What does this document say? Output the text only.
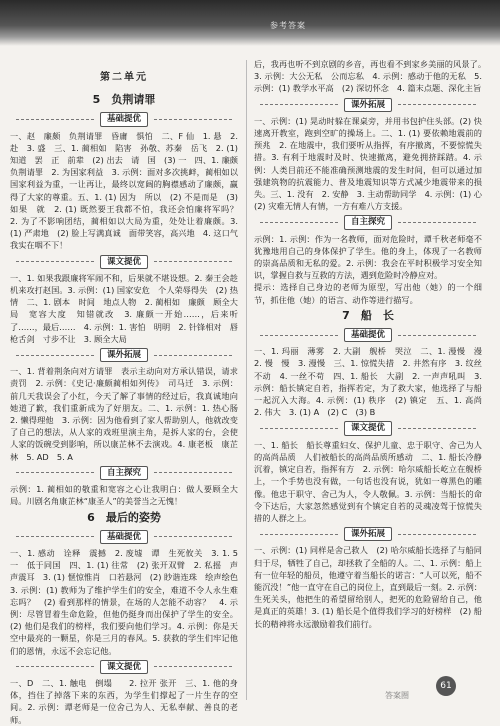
参考答案
第二单元
5　负荆请罪
基础提优

一、赵　廉颇　负荆请罪　昏庸　惧怕　二、F 仙　1. 悬　2. 赴　3. 盛　三、1. 蔺相如　陷害　孙敬、苏秦　岳飞　2. (1) 知道　罢　正　前辈　(2) 出去　请　国　(3) 一　四、1. 廉颇负荆请罪　2. 为国家利益　3. 示例：面对多次挑衅，蔺相如以国家利益为重，一让再让，最终以宽阔的胸襟感动了廉颇，赢得了大家的尊重。五、1. (1) 因为　所以　(2) 不是而是　(3) 如果　就　2. (1) 既然要王我都不怕，我还会怕廉将军吗？　2. 为了不影响团结，蔺相如以大局为重，处处让着廉颇。3. (1) 严肃地　(2) 脸上写满真诚　面带笑容，高兴地　4. 这口气我实在咽不下！

课文提优

一、1. 如果我跟廉将军闹不和，后果就不堪设想。2. 秦王会趁机来攻打赵国。3. 示例：(1) 国家安危　个人荣辱得失　(2) 热情　二、1. 剧本　时间　地点人物　2. 蔺相如　廉颇　顾全大局　宽容大度　知错就改　3. 廉颇一开始……，后来听了……，最后……　4. 示例：1. 害怕　明明　2. 针锋相对　唇枪舌剑　寸步不让　3. 顾全大局

课外拓展

一、1. 背着荆条向对方请罪　表示主动向对方承认错误，请求责罚　2. 示例：《史记·廉颇蔺相如列传》　司马迁　3. 示例：前几天我误会了小红，今天了解了事情的经过后，我真诚地向她道了歉，我们重新成为了好朋友。二、1. 示例：1. 热心肠　2. 懒得理他　3. 示例：因为他看到了家人帮助别人，他就改变了自己的想法，从人家的戏班里演主角，是拆人家的台，会使人家的饭碗受到影响，所以康芷林不去演戏。4. 康老板　康芷林　5. AD　5. A

自主探究

示例：1. 蔺相如的敬重和宽容之心让我明白：做人要顾全大局。川剧名角康芷林“康圣人”的美誉当之无愧！

6　最后的姿势
基础提优

一、1. 感动　诠释　震撼　2. 废墟　谭　生死攸关　3. 1. 5　一　低于同国　四、1. (1) 往常　(2) 张开双臂　2. 私摇　声声震耳　3. (1) 惬惊惟肖　口若悬河　(2) 眇谐连珠　绘声绘色　3. 示例：(1) 教师为了维护学生们的安全，难道不令人永生难忘吗？　(2) 看到那样的情景，在场的人怎能不动容？　4. 示例：尽管冒着生命危险，但他仍挺身而出保护了学生的安全。(2) 他们是我们的榜样，我们要向他们学习。4. 示例：你是天空中最亮的一颗星，你是三月的春风。5. 获救的学生们牢记他们的恩情，永远不会忘记他。

课文提优

一、D　二、1. 触电　倒塌　　2. 拉开 张开　三、1. 他的身体，挡住了掉落下来的东西，为学生们撑起了一片生存的空间。2. 示例：谭老师是一位舍己为人、无私奉献、善良的老师。

后，我再也听不到京剧的乡音，再也看不到家乡美丽的风景了。　3. 示例：大公无私　公而忘私　4. 示例：感动于他的无私　5. 示例：(1) 教学水平高　(2) 深切怀念　4. 篇末点题、深化主旨

课外拓展

一、示例：(1) 晃动时躲在课桌旁，并用书包护住头部。(2) 快速离开教室，跑到空旷的操场上。二、1. (1) 要依赖地震前的预兆　2. 在地震中，我们要听从指挥，有序撤离，不要惊慌失措。3. 有利于地震时及时、快速撤离，避免拥挤踩踏。4. 示例：人类目前还不能准确预测地震的发生时间，但可以通过加强建筑物的抗震能力、普及地震知识等方式减少地震带来的损失。三、1. 没有　2. 安静　3. 主动帮助同学　4. 示例：(1) 心　(2) 灾难无情人有情，一方有难八方支援。

自主探究

示例：1. 示例：作为一名教师，面对危险时，谭千秋老师毫不犹豫地用自己的身体保护了学生。他的身上，体现了一名教师的崇高品质和无私的爱。2. 示例：我会在平时积极学习安全知识，掌握自救与互救的方法，遇到危险时冷静应对。

提示：选择自己身边的老师为原型，写出他（她）的一个细节，抓住他（她）的语言、动作等进行描写。

7　船　长
基础提优

一、1. 玛丽　薄雾　2. 大副　舰桥　哭泣　二、1. 漫慢　漫　2. 慢　慢　3. 漫慢　三、1. 惊慌失措　2. 井然有序　3. 纹丝不动　4. 一丝不苟　四、1. 船长　大副　2. 一声声吼叫　3. 示例：船长镇定自若，指挥若定，为了救大家，他选择了与船一起沉入大海。4. 示例：(1) 秩序　(2) 镇定　五、1. 高尚　2. 伟大　3. (1) A　(2) C　(3) B

课文提优

一、1. 船长　船长尊重妇女、保护儿童、忠于职守、舍己为人的高尚品质　人们被船长的高尚品质所感动　二、1. 船长冷静沉着，镇定自若，指挥有方　2. 示例：哈尔威船长屹立在舰桥上，一个手势也没有做，一句话也没有说，犹如一尊黑色的雕像。他忠于职守、舍己为人，令人敬佩。3. 示例：当船长的命令下达后，大家忽然感觉到有个镇定自若的灵魂凌驾于惊慌失措的人群之上。

课外拓展

一、示例：(1) 同样是舍己救人　(2) 哈尔威船长选择了与船同归于尽，牺牲了自己，却拯救了全船的人。二、1. 示例：船上有一位年轻的船员，他遵守着当船长的诺言：“人可以死，船不能沉没！”他一直守在自己的岗位上，直到最后一刻。2. 示例：生死关头，他把生的希望留给别人，把死的危险留给自己，他是真正的英雄！3. (1) 船长是个值得我们学习的好榜样　(2) 船长的精神将永远激励着我们前行。

61
答案圈
